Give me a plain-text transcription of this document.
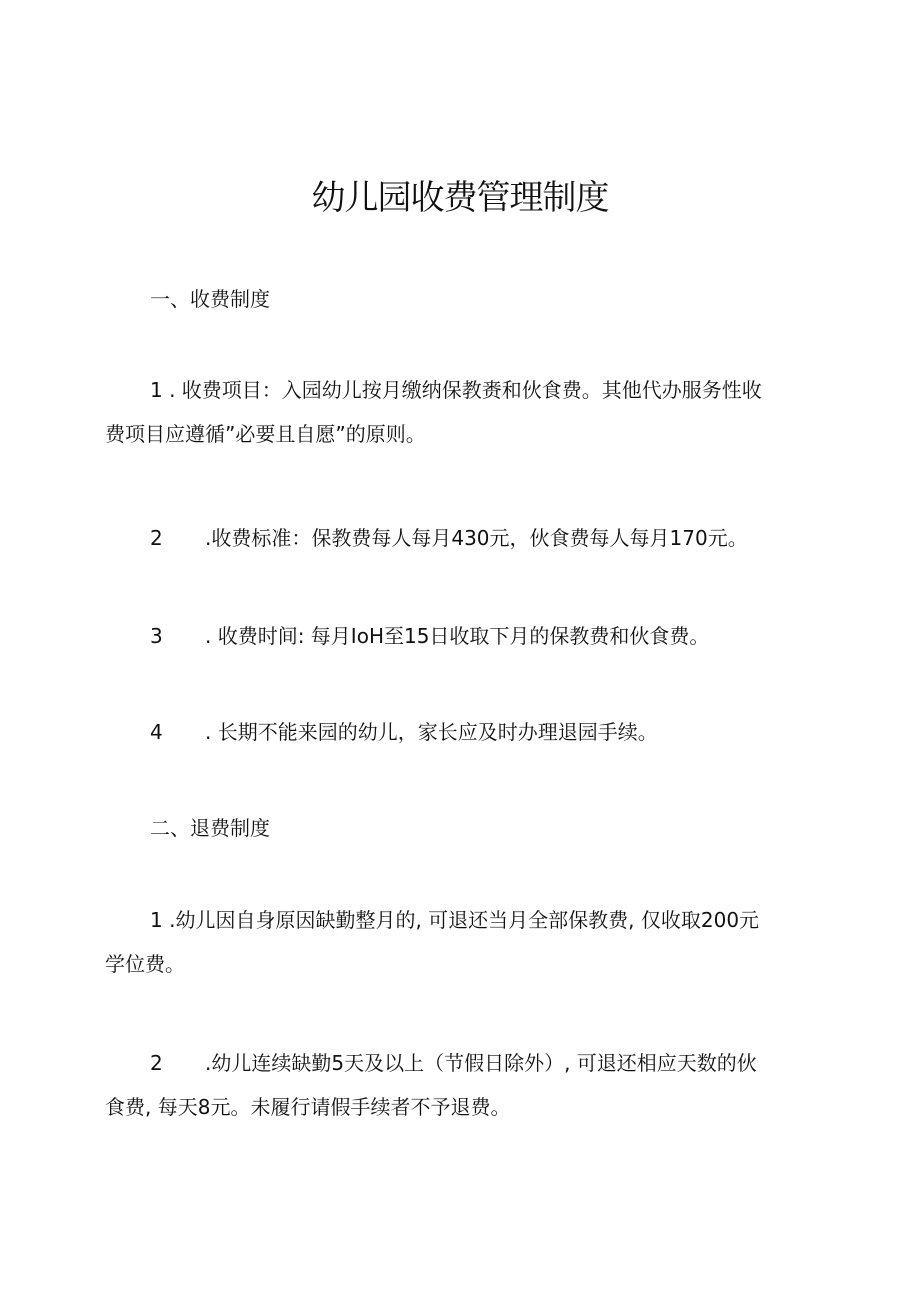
幼儿园收费管理制度

一、收费制度

1 . 收费项目：入园幼儿按月缴纳保教赉和伙食费。其他代办服务性收
费项目应遵循”必要且自愿”的原则。

2 .收费标准：保教费每人每月430元，伙食费每人每月170元。

3 . 收费时间: 每月IoH至15日收取下月的保教费和伙食费。

4 . 长期不能来园的幼儿，家长应及时办理退园手续。

二、退费制度

1 .幼儿因自身原因缺勤整月的, 可退还当月全部保教费, 仅收取200元
学位费。
2 .幼儿连续缺勤5天及以上（节假日除外）, 可退还相应天数的伙
食费, 每天8元。未履行请假手续者不予退费。
